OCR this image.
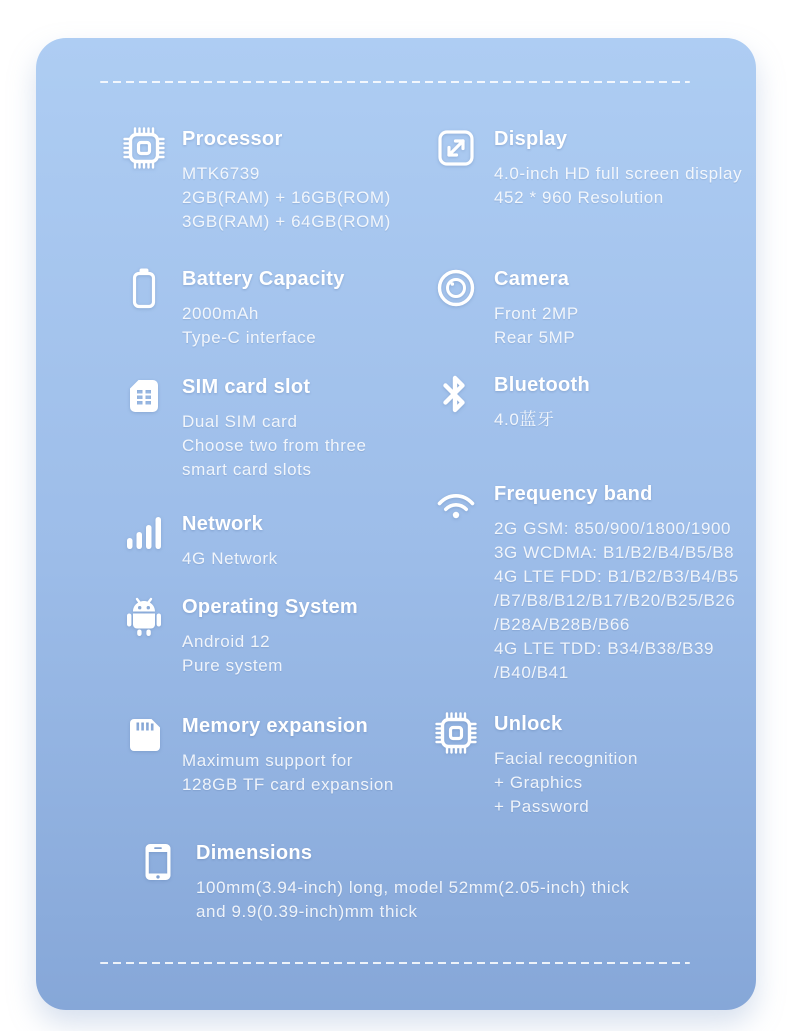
Processor
MTK6739
2GB(RAM) + 16GB(ROM)
3GB(RAM) + 64GB(ROM)
Display
4.0-inch HD full screen display
452 * 960 Resolution
Battery Capacity
2000mAh
Type-C interface
Camera
Front 2MP
Rear 5MP
SIM card slot
Dual SIM card
Choose two from three
smart card slots
Bluetooth
4.0蓝牙
Network
4G Network
Frequency band
2G GSM: 850/900/1800/1900
3G WCDMA: B1/B2/B4/B5/B8
4G LTE FDD: B1/B2/B3/B4/B5
/B7/B8/B12/B17/B20/B25/B26
/B28A/B28B/B66
4G LTE TDD: B34/B38/B39
/B40/B41
Operating System
Android 12
Pure system
Memory expansion
Maximum support for
128GB TF card expansion
Unlock
Facial recognition
+ Graphics
+ Password
Dimensions
100mm(3.94-inch) long, model 52mm(2.05-inch) thick
and 9.9(0.39-inch)mm thick
